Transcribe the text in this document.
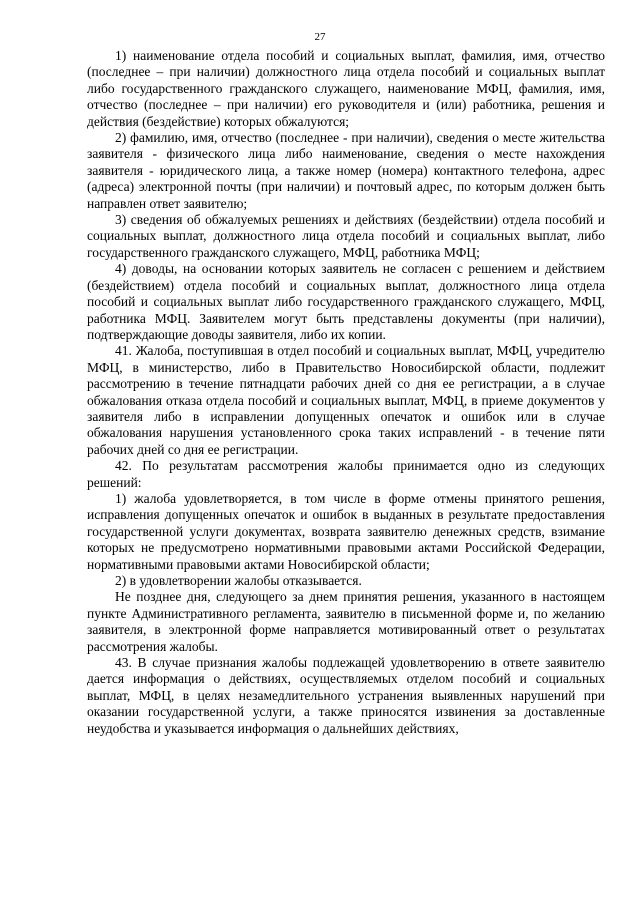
27

1) наименование отдела пособий и социальных выплат, фамилия, имя, отчество (последнее – при наличии) должностного лица отдела пособий и социальных выплат либо государственного гражданского служащего, наименование МФЦ, фамилия, имя, отчество (последнее – при наличии) его руководителя и (или) работника, решения и действия (бездействие) которых обжалуются;

2) фамилию, имя, отчество (последнее - при наличии), сведения о месте жительства заявителя - физического лица либо наименование, сведения о месте нахождения заявителя - юридического лица, а также номер (номера) контактного телефона, адрес (адреса) электронной почты (при наличии) и почтовый адрес, по которым должен быть направлен ответ заявителю;

3) сведения об обжалуемых решениях и действиях (бездействии) отдела пособий и социальных выплат, должностного лица отдела пособий и социальных выплат, либо государственного гражданского служащего, МФЦ, работника МФЦ;

4) доводы, на основании которых заявитель не согласен с решением и действием (бездействием) отдела пособий и социальных выплат, должностного лица отдела пособий и социальных выплат либо государственного гражданского служащего, МФЦ, работника МФЦ. Заявителем могут быть представлены документы (при наличии), подтверждающие доводы заявителя, либо их копии.

41. Жалоба, поступившая в отдел пособий и социальных выплат, МФЦ, учредителю МФЦ, в министерство, либо в Правительство Новосибирской области, подлежит рассмотрению в течение пятнадцати рабочих дней со дня ее регистрации, а в случае обжалования отказа отдела пособий и социальных выплат, МФЦ, в приеме документов у заявителя либо в исправлении допущенных опечаток и ошибок или в случае обжалования нарушения установленного срока таких исправлений - в течение пяти рабочих дней со дня ее регистрации.

42. По результатам рассмотрения жалобы принимается одно из следующих решений:

1) жалоба удовлетворяется, в том числе в форме отмены принятого решения, исправления допущенных опечаток и ошибок в выданных в результате предоставления государственной услуги документах, возврата заявителю денежных средств, взимание которых не предусмотрено нормативными правовыми актами Российской Федерации, нормативными правовыми актами Новосибирской области;

2) в удовлетворении жалобы отказывается.

Не позднее дня, следующего за днем принятия решения, указанного в настоящем пункте Административного регламента, заявителю в письменной форме и, по желанию заявителя, в электронной форме направляется мотивированный ответ о результатах рассмотрения жалобы.

43. В случае признания жалобы подлежащей удовлетворению в ответе заявителю дается информация о действиях, осуществляемых отделом пособий и социальных выплат, МФЦ, в целях незамедлительного устранения выявленных нарушений при оказании государственной услуги, а также приносятся извинения за доставленные неудобства и указывается информация о дальнейших действиях,
